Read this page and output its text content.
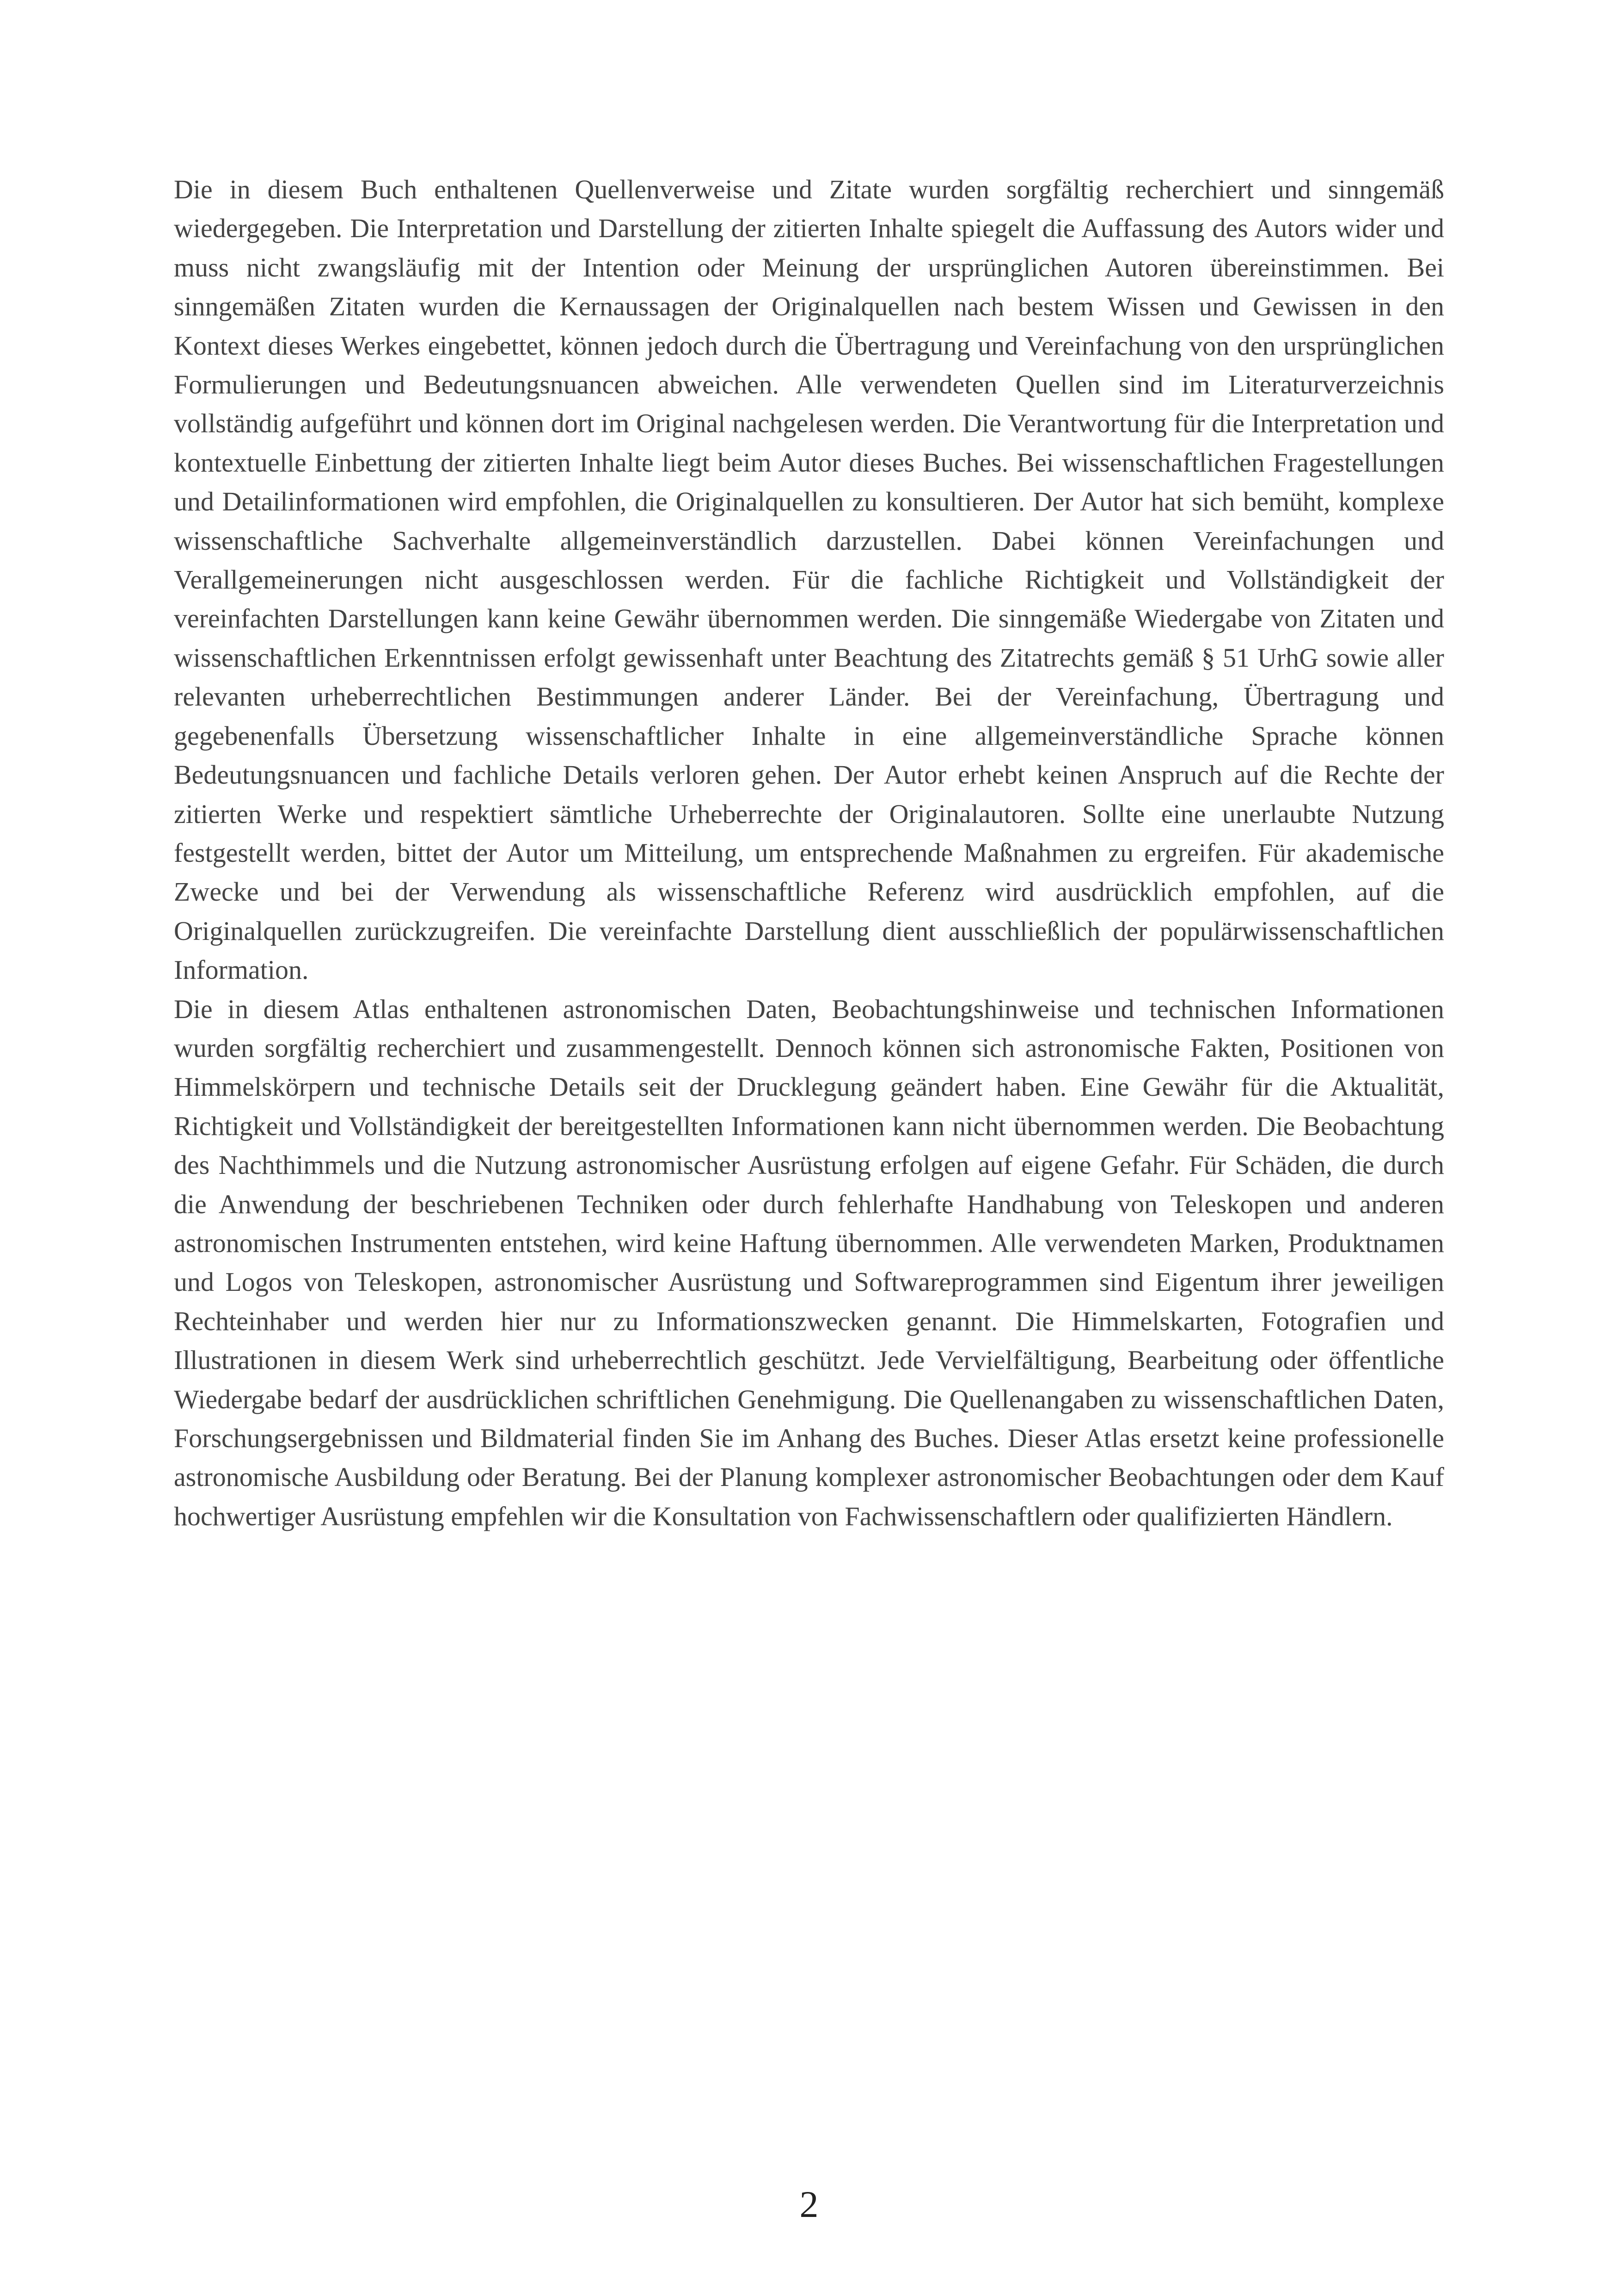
Die in diesem Buch enthaltenen Quellenverweise und Zitate wurden sorgfältig recherchiert und sinngemäß wiedergegeben. Die Interpretation und Darstellung der zitierten Inhalte spiegelt die Auffassung des Autors wider und muss nicht zwangsläufig mit der Intention oder Meinung der ursprünglichen Autoren übereinstimmen. Bei sinngemäßen Zitaten wurden die Kernaussagen der Originalquellen nach bestem Wissen und Gewissen in den Kontext dieses Werkes eingebettet, können jedoch durch die Übertragung und Vereinfachung von den ursprünglichen Formulierungen und Bedeutungsnuancen abweichen. Alle verwendeten Quellen sind im Literaturverzeichnis vollständig aufgeführt und können dort im Original nachgelesen werden. Die Verantwortung für die Interpretation und kontextuelle Einbettung der zitierten Inhalte liegt beim Autor dieses Buches. Bei wissenschaftlichen Fragestellungen und Detailinformationen wird empfohlen, die Originalquellen zu konsultieren. Der Autor hat sich bemüht, komplexe wissenschaftliche Sachverhalte allgemeinverständlich darzustellen. Dabei können Vereinfachungen und Verallgemeinerungen nicht ausgeschlossen werden. Für die fachliche Richtigkeit und Vollständigkeit der vereinfachten Darstellungen kann keine Gewähr übernommen werden. Die sinngemäße Wiedergabe von Zitaten und wissenschaftlichen Erkenntnissen erfolgt gewissenhaft unter Beachtung des Zitatrechts gemäß § 51 UrhG sowie aller relevanten urheberrechtlichen Bestimmungen anderer Länder. Bei der Vereinfachung, Übertragung und gegebenenfalls Übersetzung wissenschaftlicher Inhalte in eine allgemeinverständliche Sprache können Bedeutungsnuancen und fachliche Details verloren gehen. Der Autor erhebt keinen Anspruch auf die Rechte der zitierten Werke und respektiert sämtliche Urheberrechte der Originalautoren. Sollte eine unerlaubte Nutzung festgestellt werden, bittet der Autor um Mitteilung, um entsprechende Maßnahmen zu ergreifen. Für akademische Zwecke und bei der Verwendung als wissenschaftliche Referenz wird ausdrücklich empfohlen, auf die Originalquellen zurückzugreifen. Die vereinfachte Darstellung dient ausschließlich der populärwissenschaftlichen Information.

Die in diesem Atlas enthaltenen astronomischen Daten, Beobachtungshinweise und technischen Informationen wurden sorgfältig recherchiert und zusammengestellt. Dennoch können sich astronomische Fakten, Positionen von Himmelskörpern und technische Details seit der Drucklegung geändert haben. Eine Gewähr für die Aktualität, Richtigkeit und Vollständigkeit der bereitgestellten Informationen kann nicht übernommen werden. Die Beobachtung des Nachthimmels und die Nutzung astronomischer Ausrüstung erfolgen auf eigene Gefahr. Für Schäden, die durch die Anwendung der beschriebenen Techniken oder durch fehlerhafte Handhabung von Teleskopen und anderen astronomischen Instrumenten entstehen, wird keine Haftung übernommen. Alle verwendeten Marken, Produktnamen und Logos von Teleskopen, astronomischer Ausrüstung und Softwareprogrammen sind Eigentum ihrer jeweiligen Rechteinhaber und werden hier nur zu Informationszwecken genannt. Die Himmelskarten, Fotografien und Illustrationen in diesem Werk sind urheberrechtlich geschützt. Jede Vervielfältigung, Bearbeitung oder öffentliche Wiedergabe bedarf der ausdrücklichen schriftlichen Genehmigung. Die Quellenangaben zu wissenschaftlichen Daten, Forschungsergebnissen und Bildmaterial finden Sie im Anhang des Buches. Dieser Atlas ersetzt keine professionelle astronomische Ausbildung oder Beratung. Bei der Planung komplexer astronomischer Beobachtungen oder dem Kauf hochwertiger Ausrüstung empfehlen wir die Konsultation von Fachwissenschaftlern oder qualifizierten Händlern.

2
